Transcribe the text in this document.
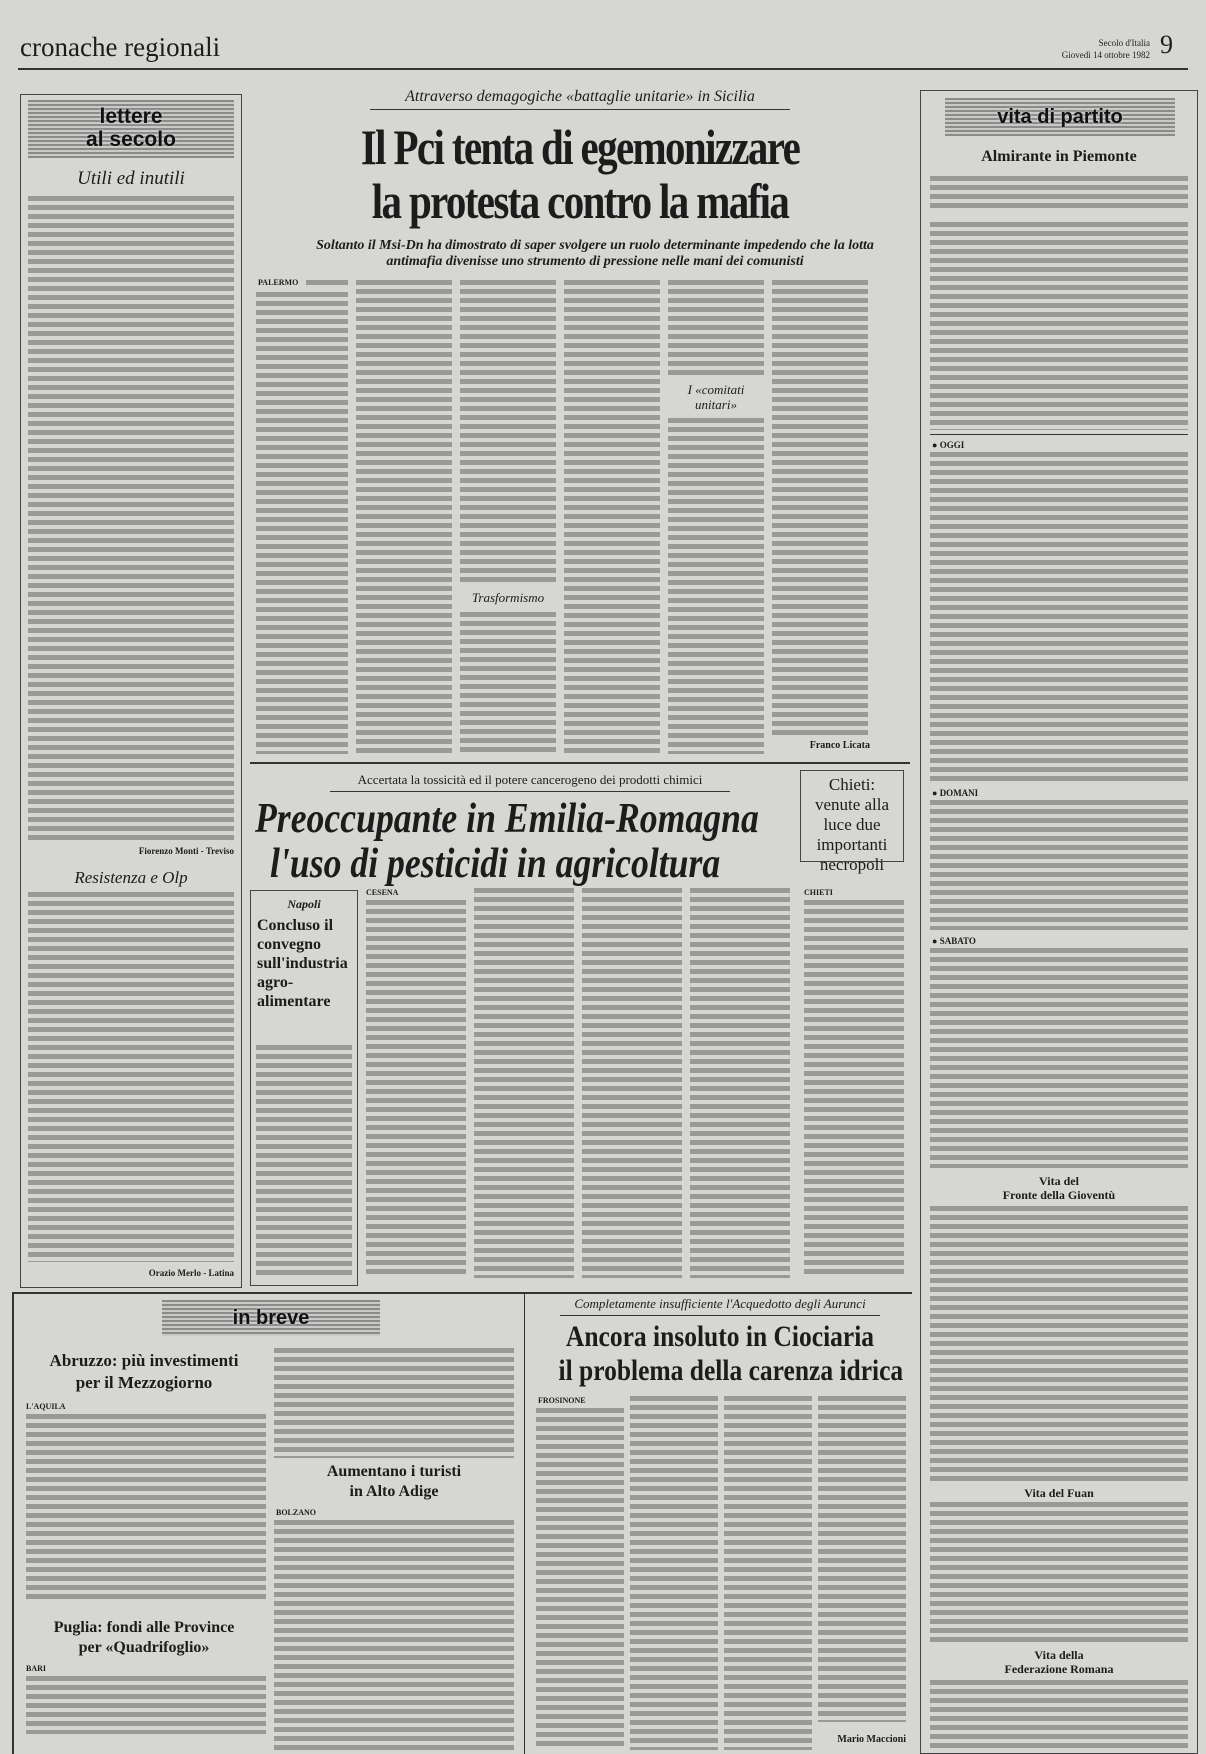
cronache regionali	Secolo d'Italia
Giovedì 14 ottobre 1982 9
lettere
al secolo
Utili ed inutili
Fiorenzo Monti - Treviso
Resistenza e Olp
Orazio Merlo - Latina
Attraverso demagogiche «battaglie unitarie» in Sicilia
Il Pci tenta di egemonizzare
la protesta contro la mafia
Soltanto il Msi-Dn ha dimostrato di saper svolgere un ruolo determinante impedendo che la lotta antimafia divenisse uno strumento di pressione nelle mani dei comunisti
PALERMO
Trasformismo
I «comitati unitari»
Franco Licata
Accertata la tossicità ed il potere cancerogeno dei prodotti chimici
Preoccupante in Emilia-Romagna
l'uso di pesticidi in agricoltura
Chieti: venute alla luce due importanti necropoli
Napoli
Concluso il convegno sull'industria agro-alimentare
CESENA	CHIETI
vita di partito
Almirante in Piemonte
● OGGI
● DOMANI
● SABATO
Vita del
Fronte della Gioventù
Vita del Fuan
Vita della
Federazione Romana
in breve
Abruzzo: più investimenti
per il Mezzogiorno
L'AQUILA
Aumentano i turisti
in Alto Adige
BOLZANO
Puglia: fondi alle Province
per «Quadrifoglio»
BARI
Completamente insufficiente l'Acquedotto degli Aurunci
Ancora insoluto in Ciociaria
il problema della carenza idrica
FROSINONE
Mario Maccioni
